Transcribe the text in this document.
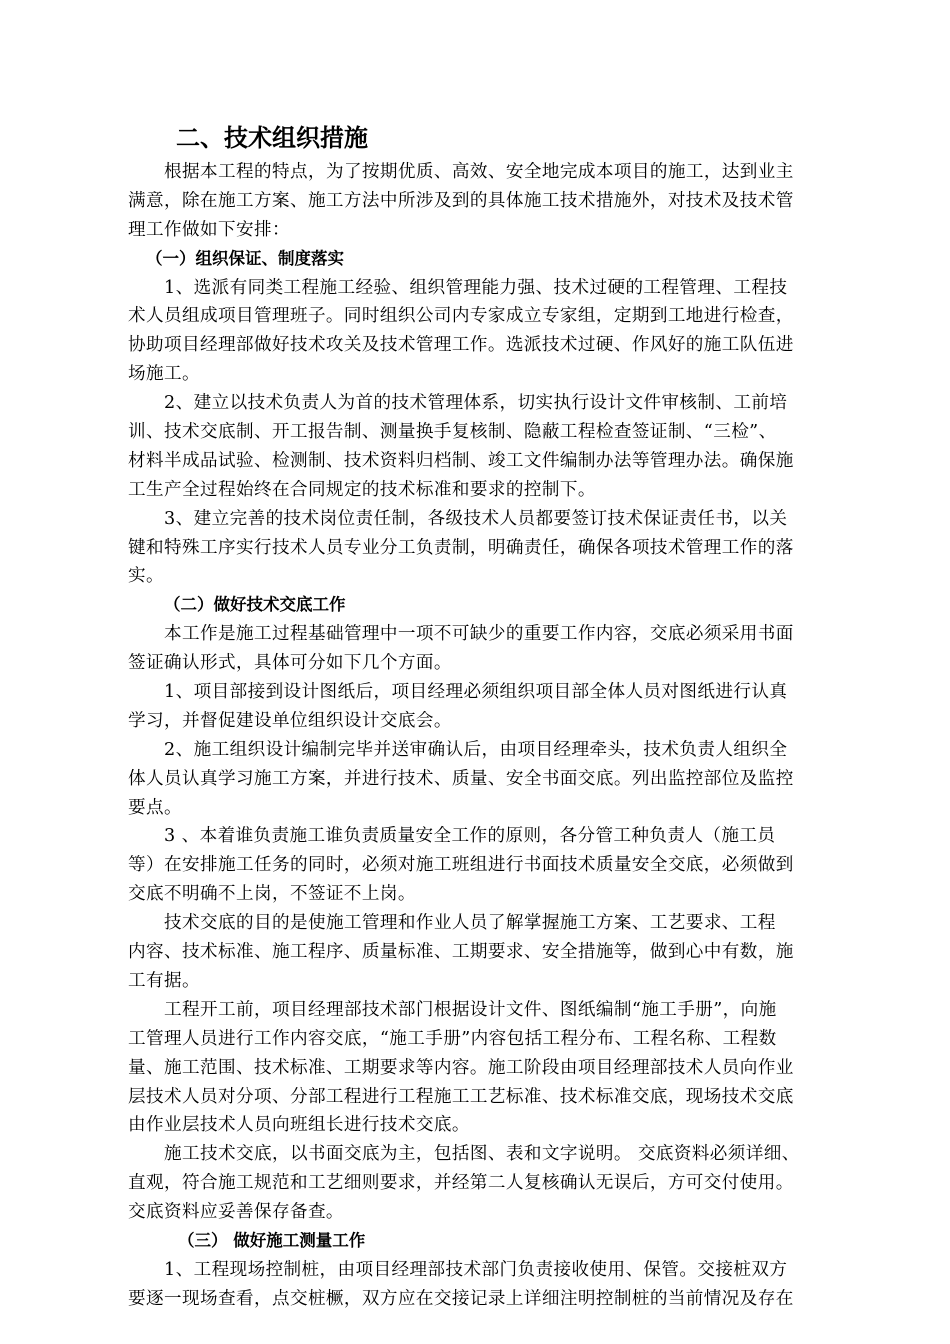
二、技术组织措施
根据本工程的特点，为了按期优质、高效、安全地完成本项目的施工，达到业主
满意，除在施工方案、施工方法中所涉及到的具体施工技术措施外，对技术及技术管
理工作做如下安排：
（一）组织保证、制度落实
1、选派有同类工程施工经验、组织管理能力强、技术过硬的工程管理、工程技
术人员组成项目管理班子。同时组织公司内专家成立专家组，定期到工地进行检查，
协助项目经理部做好技术攻关及技术管理工作。选派技术过硬、作风好的施工队伍进
场施工。
2、建立以技术负责人为首的技术管理体系，切实执行设计文件审核制、工前培
训、技术交底制、开工报告制、测量换手复核制、隐蔽工程检查签证制、“三检”、
材料半成品试验、检测制、技术资料归档制、竣工文件编制办法等管理办法。确保施
工生产全过程始终在合同规定的技术标准和要求的控制下。
3、建立完善的技术岗位责任制，各级技术人员都要签订技术保证责任书，以关
键和特殊工序实行技术人员专业分工负责制，明确责任，确保各项技术管理工作的落
实。
（二）做好技术交底工作
本工作是施工过程基础管理中一项不可缺少的重要工作内容，交底必须采用书面
签证确认形式，具体可分如下几个方面。
1、项目部接到设计图纸后，项目经理必须组织项目部全体人员对图纸进行认真
学习，并督促建设单位组织设计交底会。
2、施工组织设计编制完毕并送审确认后，由项目经理牵头，技术负责人组织全
体人员认真学习施工方案，并进行技术、质量、安全书面交底。列出监控部位及监控
要点。
3 、本着谁负责施工谁负责质量安全工作的原则，各分管工种负责人（施工员
等）在安排施工任务的同时，必须对施工班组进行书面技术质量安全交底，必须做到
交底不明确不上岗，不签证不上岗。
技术交底的目的是使施工管理和作业人员了解掌握施工方案、工艺要求、工程
内容、技术标准、施工程序、质量标准、工期要求、安全措施等，做到心中有数，施
工有据。
工程开工前，项目经理部技术部门根据设计文件、图纸编制“施工手册”，向施
工管理人员进行工作内容交底，“施工手册”内容包括工程分布、工程名称、工程数
量、施工范围、技术标准、工期要求等内容。施工阶段由项目经理部技术人员向作业
层技术人员对分项、分部工程进行工程施工工艺标准、技术标准交底，现场技术交底
由作业层技术人员向班组长进行技术交底。
施工技术交底，以书面交底为主，包括图、表和文字说明。 交底资料必须详细、
直观，符合施工规范和工艺细则要求，并经第二人复核确认无误后，方可交付使用。
交底资料应妥善保存备查。
（三） 做好施工测量工作
1、工程现场控制桩，由项目经理部技术部门负责接收使用、保管。交接桩双方
要逐一现场查看，点交桩橛，双方应在交接记录上详细注明控制桩的当前情况及存在
